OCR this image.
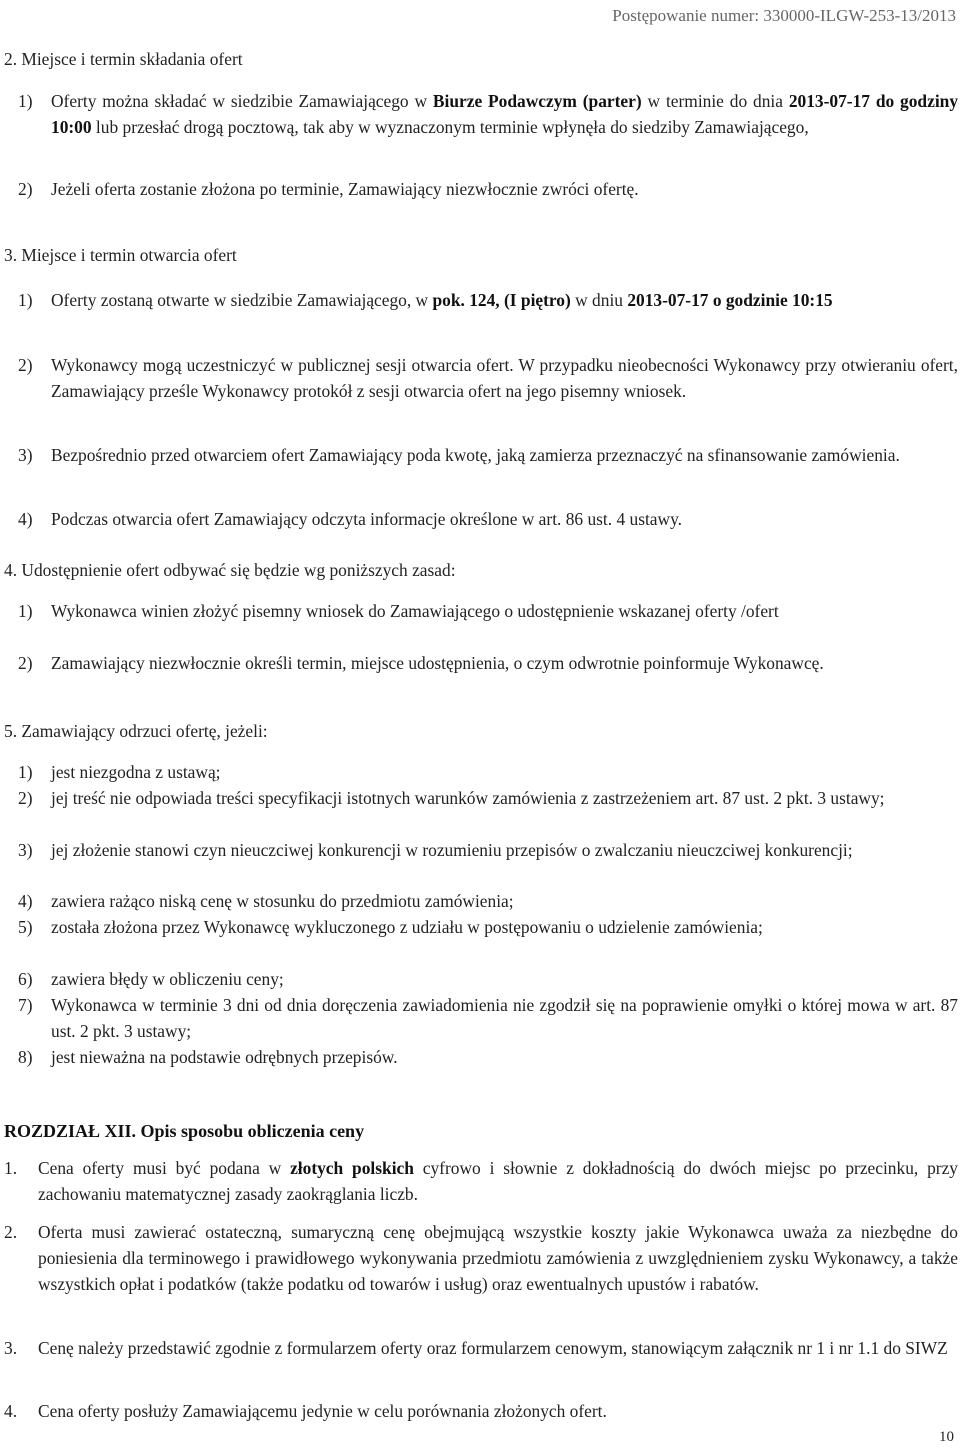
Postępowanie numer: 330000-ILGW-253-13/2013

2. Miejsce i termin składania ofert

1) Oferty można składać w siedzibie Zamawiającego w Biurze Podawczym (parter) w terminie do dnia 2013-07-17 do godziny 10:00 lub przesłać drogą pocztową, tak aby w wyznaczonym terminie wpłynęła do siedziby Zamawiającego,
2) Jeżeli oferta zostanie złożona po terminie, Zamawiający niezwłocznie zwróci ofertę.

3. Miejsce i termin otwarcia ofert

1) Oferty zostaną otwarte w siedzibie Zamawiającego, w pok. 124, (I piętro) w dniu 2013-07-17 o godzinie 10:15
2) Wykonawcy mogą uczestniczyć w publicznej sesji otwarcia ofert. W przypadku nieobecności Wykonawcy przy otwieraniu ofert, Zamawiający prześle Wykonawcy protokół z sesji otwarcia ofert na jego pisemny wniosek.
3) Bezpośrednio przed otwarciem ofert Zamawiający poda kwotę, jaką zamierza przeznaczyć na sfinansowanie zamówienia.
4) Podczas otwarcia ofert Zamawiający odczyta informacje określone w art. 86 ust. 4 ustawy.

4. Udostępnienie ofert odbywać się będzie wg poniższych zasad:

1) Wykonawca winien złożyć pisemny wniosek do Zamawiającego o udostępnienie wskazanej oferty /ofert
2) Zamawiający niezwłocznie określi termin, miejsce udostępnienia, o czym odwrotnie poinformuje Wykonawcę.

5. Zamawiający odrzuci ofertę, jeżeli:

1) jest niezgodna z ustawą;
2) jej treść nie odpowiada treści specyfikacji istotnych warunków zamówienia z zastrzeżeniem art. 87 ust. 2 pkt. 3 ustawy;
3) jej złożenie stanowi czyn nieuczciwej konkurencji w rozumieniu przepisów o zwalczaniu nieuczciwej konkurencji;
4) zawiera rażąco niską cenę w stosunku do przedmiotu zamówienia;
5) została złożona przez Wykonawcę wykluczonego z udziału w postępowaniu o udzielenie zamówienia;
6) zawiera błędy w obliczeniu ceny;
7) Wykonawca w terminie 3 dni od dnia doręczenia zawiadomienia nie zgodził się na poprawienie omyłki o której mowa w art. 87 ust. 2 pkt. 3 ustawy;
8) jest nieważna na podstawie odrębnych przepisów.

ROZDZIAŁ XII. Opis sposobu obliczenia ceny

1. Cena oferty musi być podana w złotych polskich cyfrowo i słownie z dokładnością do dwóch miejsc po przecinku, przy zachowaniu matematycznej zasady zaokrąglania liczb.
2. Oferta musi zawierać ostateczną, sumaryczną cenę obejmującą wszystkie koszty jakie Wykonawca uważa za niezbędne do poniesienia dla terminowego i prawidłowego wykonywania przedmiotu zamówienia z uwzględnieniem zysku Wykonawcy, a także wszystkich opłat i podatków (także podatku od towarów i usług) oraz ewentualnych upustów i rabatów.
3. Cenę należy przedstawić zgodnie z formularzem oferty oraz formularzem cenowym, stanowiącym załącznik nr 1 i nr 1.1 do SIWZ
4. Cena oferty posłuży Zamawiającemu jedynie w celu porównania złożonych ofert.
10
